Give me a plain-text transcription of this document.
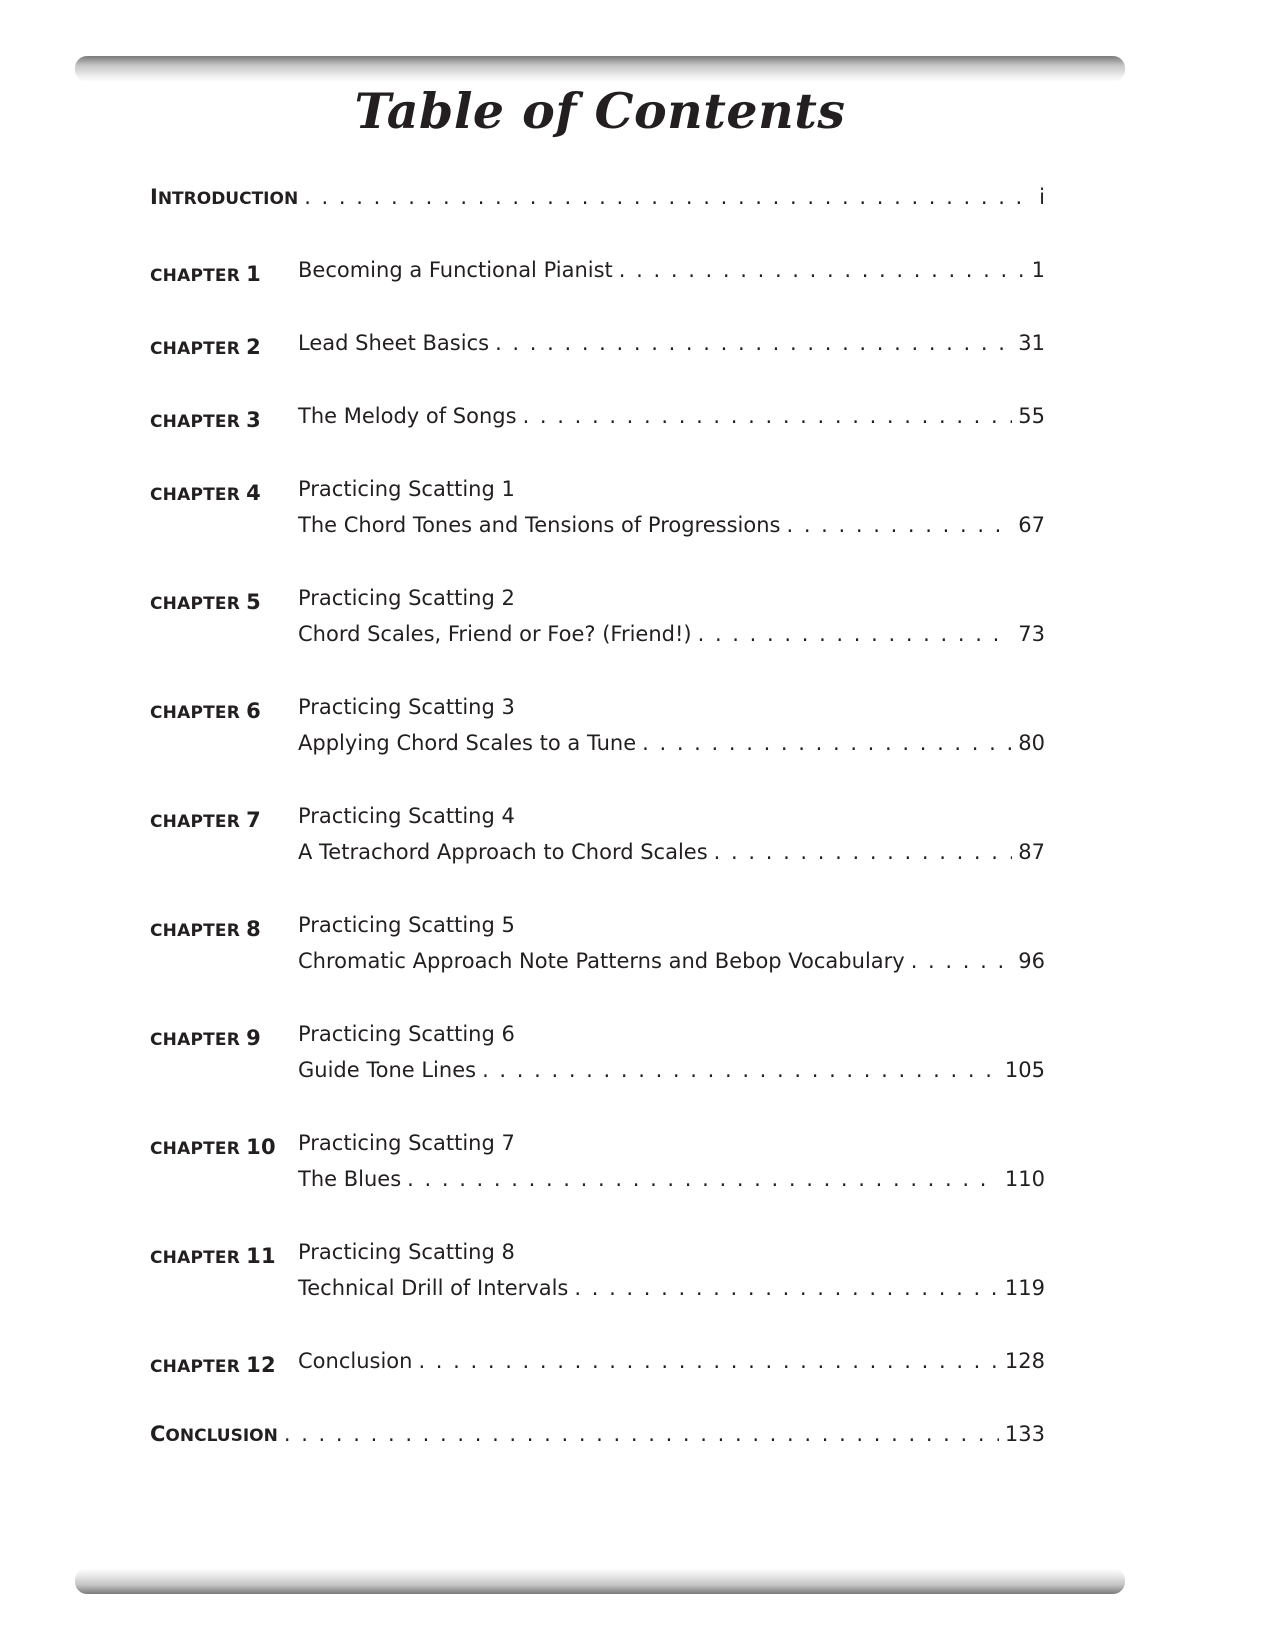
Table of Contents
INTRODUCTION . . .	i
CHAPTER 1 Becoming a Functional Pianist . . .	1
CHAPTER 2 Lead Sheet Basics . . .	31
CHAPTER 3 The Melody of Songs . . .	55
CHAPTER 4 Practicing Scatting 1
The Chord Tones and Tensions of Progressions . . .	67
CHAPTER 5 Practicing Scatting 2
Chord Scales, Friend or Foe? (Friend!) . . .	73
CHAPTER 6 Practicing Scatting 3
Applying Chord Scales to a Tune . . .	80
CHAPTER 7 Practicing Scatting 4
A Tetrachord Approach to Chord Scales . . .	87
CHAPTER 8 Practicing Scatting 5
Chromatic Approach Note Patterns and Bebop Vocabulary . . .	96
CHAPTER 9 Practicing Scatting 6
Guide Tone Lines . . .	105
CHAPTER 10 Practicing Scatting 7
The Blues . . .	110
CHAPTER 11 Practicing Scatting 8
Technical Drill of Intervals . . .	119
CHAPTER 12 Conclusion . . .	128
CONCLUSION . . .	133
